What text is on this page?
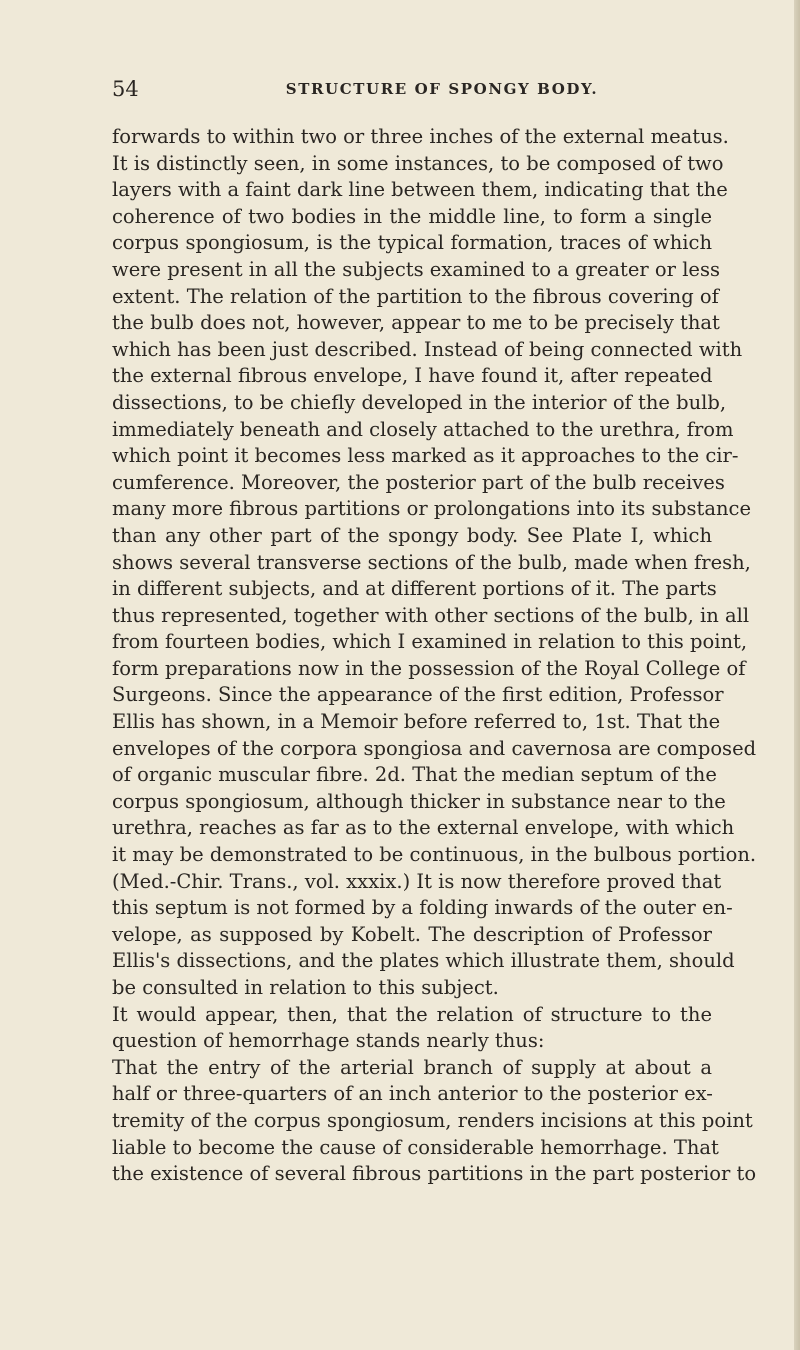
54	STRUCTURE OF SPONGY BODY.
forwards to within two or three inches of the external meatus.
It is distinctly seen, in some instances, to be composed of two
layers with a faint dark line between them, indicating that the
coherence of two bodies in the middle line, to form a single
corpus spongiosum, is the typical formation, traces of which
were present in all the subjects examined to a greater or less
extent. The relation of the partition to the fibrous covering of
the bulb does not, however, appear to me to be precisely that
which has been just described. Instead of being connected with
the external fibrous envelope, I have found it, after repeated
dissections, to be chiefly developed in the interior of the bulb,
immediately beneath and closely attached to the urethra, from
which point it becomes less marked as it approaches to the cir-
cumference. Moreover, the posterior part of the bulb receives
many more fibrous partitions or prolongations into its substance
than any other part of the spongy body. See Plate I, which
shows several transverse sections of the bulb, made when fresh,
in different subjects, and at different portions of it. The parts
thus represented, together with other sections of the bulb, in all
from fourteen bodies, which I examined in relation to this point,
form preparations now in the possession of the Royal College of
Surgeons. Since the appearance of the first edition, Professor
Ellis has shown, in a Memoir before referred to, 1st. That the
envelopes of the corpora spongiosa and cavernosa are composed
of organic muscular fibre. 2d. That the median septum of the
corpus spongiosum, although thicker in substance near to the
urethra, reaches as far as to the external envelope, with which
it may be demonstrated to be continuous, in the bulbous portion.
(Med.-Chir. Trans., vol. xxxix.) It is now therefore proved that
this septum is not formed by a folding inwards of the outer en-
velope, as supposed by Kobelt. The description of Professor
Ellis's dissections, and the plates which illustrate them, should
be consulted in relation to this subject.
It would appear, then, that the relation of structure to the
question of hemorrhage stands nearly thus:
That the entry of the arterial branch of supply at about a
half or three-quarters of an inch anterior to the posterior ex-
tremity of the corpus spongiosum, renders incisions at this point
liable to become the cause of considerable hemorrhage. That
the existence of several fibrous partitions in the part posterior to
